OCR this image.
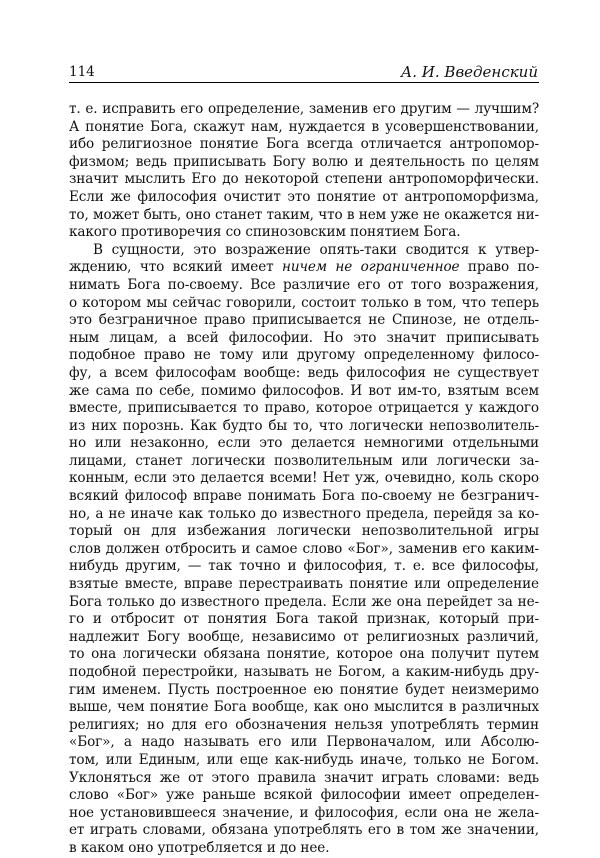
114	А. И. Введенский
т. е. исправить его определение, заменив его другим — лучшим?
А понятие Бога, скажут нам, нуждается в усовершенствовании,
ибо религиозное понятие Бога всегда отличается антропомор-
физмом; ведь приписывать Богу волю и деятельность по целям
значит мыслить Его до некоторой степени антропоморфически.
Если же философия очистит это понятие от антропоморфизма,
то, может быть, оно станет таким, что в нем уже не окажется ни-
какого противоречия со спинозовским понятием Бога.
В сущности, это возражение опять-таки сводится к утвер-
ждению, что всякий имеет ничем не ограниченное право по-
нимать Бога по-своему. Все различие его от того возражения,
о котором мы сейчас говорили, состоит только в том, что теперь
это безграничное право приписывается не Спинозе, не отдель-
ным лицам, а всей философии. Но это значит приписывать
подобное право не тому или другому определенному филосо-
фу, а всем философам вообще: ведь философия не существует
же сама по себе, помимо философов. И вот им-то, взятым всем
вместе, приписывается то право, которое отрицается у каждого
из них порознь. Как будто бы то, что логически непозволитель-
но или незаконно, если это делается немногими отдельными
лицами, станет логически позволительным или логически за-
конным, если это делается всеми! Нет уж, очевидно, коль скоро
всякий философ вправе понимать Бога по-своему не безгранич-
но, а не иначе как только до известного предела, перейдя за ко-
торый он для избежания логически непозволительной игры
слов должен отбросить и самое слово «Бог», заменив его каким-
нибудь другим, — так точно и философия, т. е. все философы,
взятые вместе, вправе перестраивать понятие или определение
Бога только до известного предела. Если же она перейдет за не-
го и отбросит от понятия Бога такой признак, который при-
надлежит Богу вообще, независимо от религиозных различий,
то она логически обязана понятие, которое она получит путем
подобной перестройки, называть не Богом, а каким-нибудь дру-
гим именем. Пусть построенное ею понятие будет неизмеримо
выше, чем понятие Бога вообще, как оно мыслится в различных
религиях; но для его обозначения нельзя употреблять термин
«Бог», а надо называть его или Первоначалом, или Абсолю-
том, или Единым, или еще как-нибудь иначе, только не Богом.
Уклоняться же от этого правила значит играть словами: ведь
слово «Бог» уже раньше всякой философии имеет определен-
ное установившееся значение, и философия, если она не жела-
ет играть словами, обязана употреблять его в том же значении,
в каком оно употребляется и до нее.
